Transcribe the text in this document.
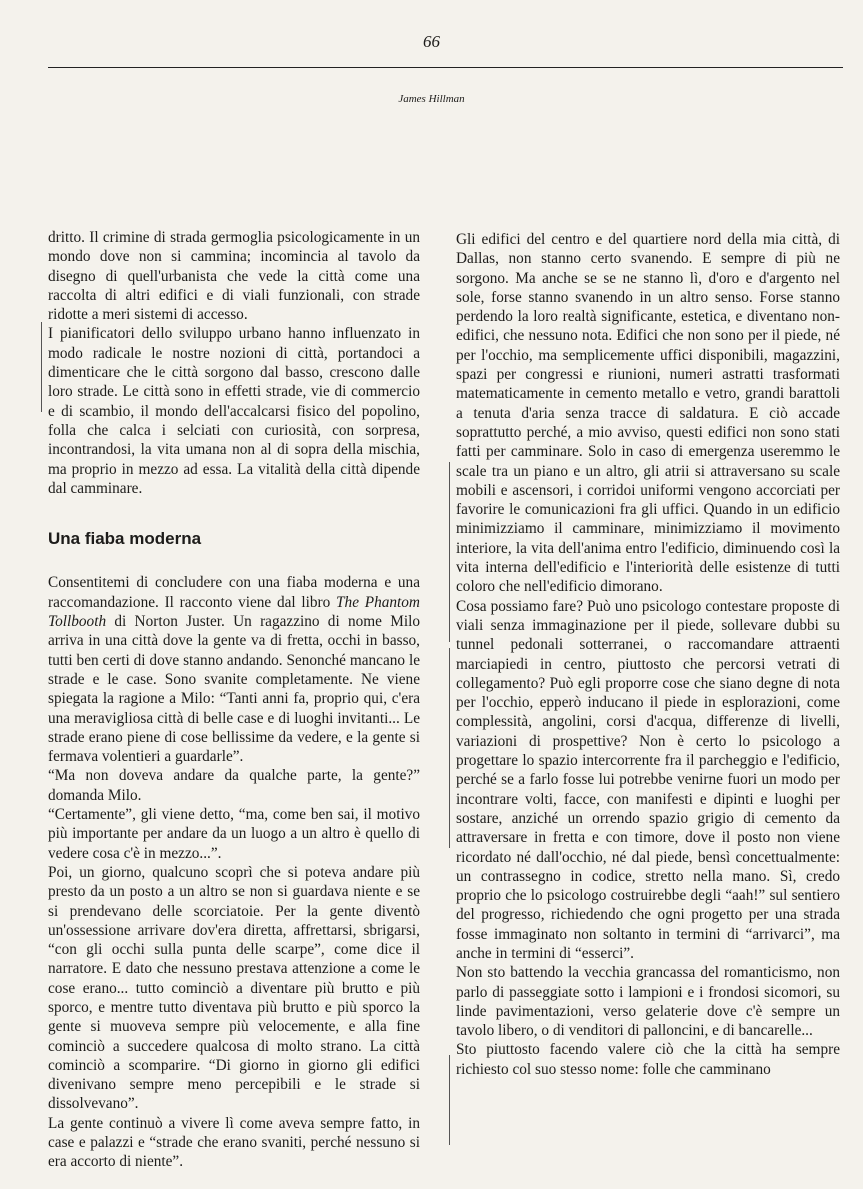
66
James Hillman

dritto. Il crimine di strada germoglia psicologicamente in un mondo dove non si cammina; incomincia al tavolo da disegno di quell'urbanista che vede la città come una raccolta di altri edifici e di viali funzionali, con strade ridotte a meri sistemi di accesso.

I pianificatori dello sviluppo urbano hanno influenzato in modo radicale le nostre nozioni di città, portandoci a dimenticare che le città sorgono dal basso, crescono dalle loro strade. Le città sono in effetti strade, vie di commercio e di scambio, il mondo dell'accalcarsi fisico del popolino, folla che calca i selciati con curiosità, con sorpresa, incontrandosi, la vita umana non al di sopra della mischia, ma proprio in mezzo ad essa. La vitalità della città dipende dal camminare.

Una fiaba moderna

Consentitemi di concludere con una fiaba moderna e una raccomandazione. Il racconto viene dal libro The Phantom Tollbooth di Norton Juster. Un ragazzino di nome Milo arriva in una città dove la gente va di fretta, occhi in basso, tutti ben certi di dove stanno andando. Senonché mancano le strade e le case. Sono svanite completamente. Ne viene spiegata la ragione a Milo: “Tanti anni fa, proprio qui, c'era una meravigliosa città di belle case e di luoghi invitanti... Le strade erano piene di cose bellissime da vedere, e la gente si fermava volentieri a guardarle”.

“Ma non doveva andare da qualche parte, la gente?” domanda Milo.

“Certamente”, gli viene detto, “ma, come ben sai, il motivo più importante per andare da un luogo a un altro è quello di vedere cosa c'è in mezzo...”.

Poi, un giorno, qualcuno scoprì che si poteva andare più presto da un posto a un altro se non si guardava niente e se si prendevano delle scorciatoie. Per la gente diventò un'ossessione arrivare dov'era diretta, affrettarsi, sbrigarsi, “con gli occhi sulla punta delle scarpe”, come dice il narratore. E dato che nessuno prestava attenzione a come le cose erano... tutto cominciò a diventare più brutto e più sporco, e mentre tutto diventava più brutto e più sporco la gente si muoveva sempre più velocemente, e alla fine cominciò a succedere qualcosa di molto strano. La città cominciò a scomparire. “Di giorno in giorno gli edifici divenivano sempre meno percepibili e le strade si dissolvevano”.

La gente continuò a vivere lì come aveva sempre fatto, in case e palazzi e “strade che erano svaniti, perché nessuno si era accorto di niente”.

Gli edifici del centro e del quartiere nord della mia città, di Dallas, non stanno certo svanendo. E sempre di più ne sorgono. Ma anche se se ne stanno lì, d'oro e d'argento nel sole, forse stanno svanendo in un altro senso. Forse stanno perdendo la loro realtà significante, estetica, e diventano non-edifici, che nessuno nota. Edifici che non sono per il piede, né per l'occhio, ma semplicemente uffici disponibili, magazzini, spazi per congressi e riunioni, numeri astratti trasformati matematicamente in cemento metallo e vetro, grandi barattoli a tenuta d'aria senza tracce di saldatura. E ciò accade soprattutto perché, a mio avviso, questi edifici non sono stati fatti per camminare. Solo in caso di emergenza useremmo le scale tra un piano e un altro, gli atrii si attraversano su scale mobili e ascensori, i corridoi uniformi vengono accorciati per favorire le comunicazioni fra gli uffici. Quando in un edificio minimizziamo il camminare, minimizziamo il movimento interiore, la vita dell'anima entro l'edificio, diminuendo così la vita interna dell'edificio e l'interiorità delle esistenze di tutti coloro che nell'edificio dimorano.

Cosa possiamo fare? Può uno psicologo contestare proposte di viali senza immaginazione per il piede, sollevare dubbi su tunnel pedonali sotterranei, o raccomandare attraenti marciapiedi in centro, piuttosto che percorsi vetrati di collegamento? Può egli proporre cose che siano degne di nota per l'occhio, epperò inducano il piede in esplorazioni, come complessità, angolini, corsi d'acqua, differenze di livelli, variazioni di prospettive? Non è certo lo psicologo a progettare lo spazio intercorrente fra il parcheggio e l'edificio, perché se a farlo fosse lui potrebbe venirne fuori un modo per incontrare volti, facce, con manifesti e dipinti e luoghi per sostare, anziché un orrendo spazio grigio di cemento da attraversare in fretta e con timore, dove il posto non viene ricordato né dall'occhio, né dal piede, bensì concettualmente: un contrassegno in codice, stretto nella mano. Sì, credo proprio che lo psicologo costruirebbe degli “aah!” sul sentiero del progresso, richiedendo che ogni progetto per una strada fosse immaginato non soltanto in termini di “arrivarci”, ma anche in termini di “esserci”.

Non sto battendo la vecchia grancassa del romanticismo, non parlo di passeggiate sotto i lampioni e i frondosi sicomori, su linde pavimentazioni, verso gelaterie dove c'è sempre un tavolo libero, o di venditori di palloncini, e di bancarelle...

Sto piuttosto facendo valere ciò che la città ha sempre richiesto col suo stesso nome: folle che camminano
